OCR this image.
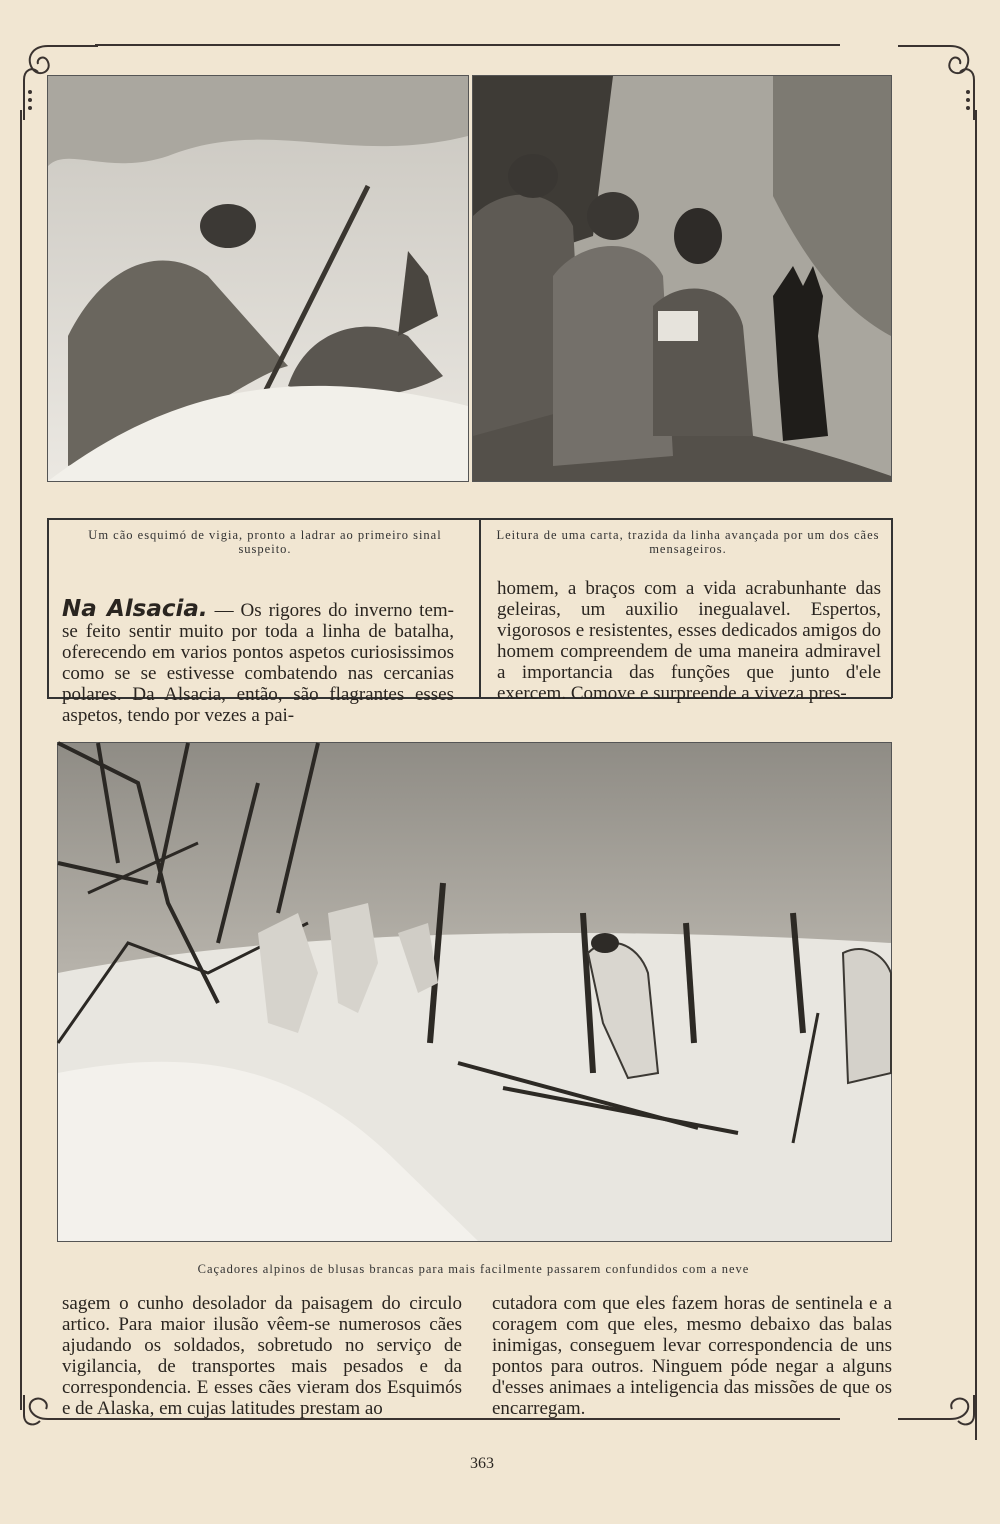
Um cão esquimó de vigia, pronto a ladrar ao primeiro sinal suspeito.
Leitura de uma carta, trazida da linha avançada por um dos cães mensageiros.

Na Alsacia. — Os rigores do inverno tem-se feito sentir muito por toda a linha de batalha, oferecendo em varios pontos aspetos curiosissimos como se se estivesse combatendo nas cercanias polares. Da Alsacia, então, são flagrantes esses aspetos, tendo por vezes a pai-

homem, a braços com a vida acrabunhante das geleiras, um auxilio inegualavel. Espertos, vigorosos e resistentes, esses dedicados amigos do homem compreendem de uma maneira admiravel a importancia das funções que junto d'ele exercem. Comove e surpreende a viveza pres-
Caçadores alpinos de blusas brancas para mais facilmente passarem confundidos com a neve
sagem o cunho desolador da paisagem do circulo artico. Para maior ilusão vêem-se numerosos cães ajudando os soldados, sobretudo no serviço de vigilancia, de transportes mais pesados e da correspondencia. E esses cães vieram dos Esquimós e de Alaska, em cujas latitudes prestam ao
cutadora com que eles fazem horas de sentinela e a coragem com que eles, mesmo debaixo das balas inimigas, conseguem levar correspondencia de uns pontos para outros. Ninguem póde negar a alguns d'esses animaes a inteligencia das missões de que os encarregam.
363
